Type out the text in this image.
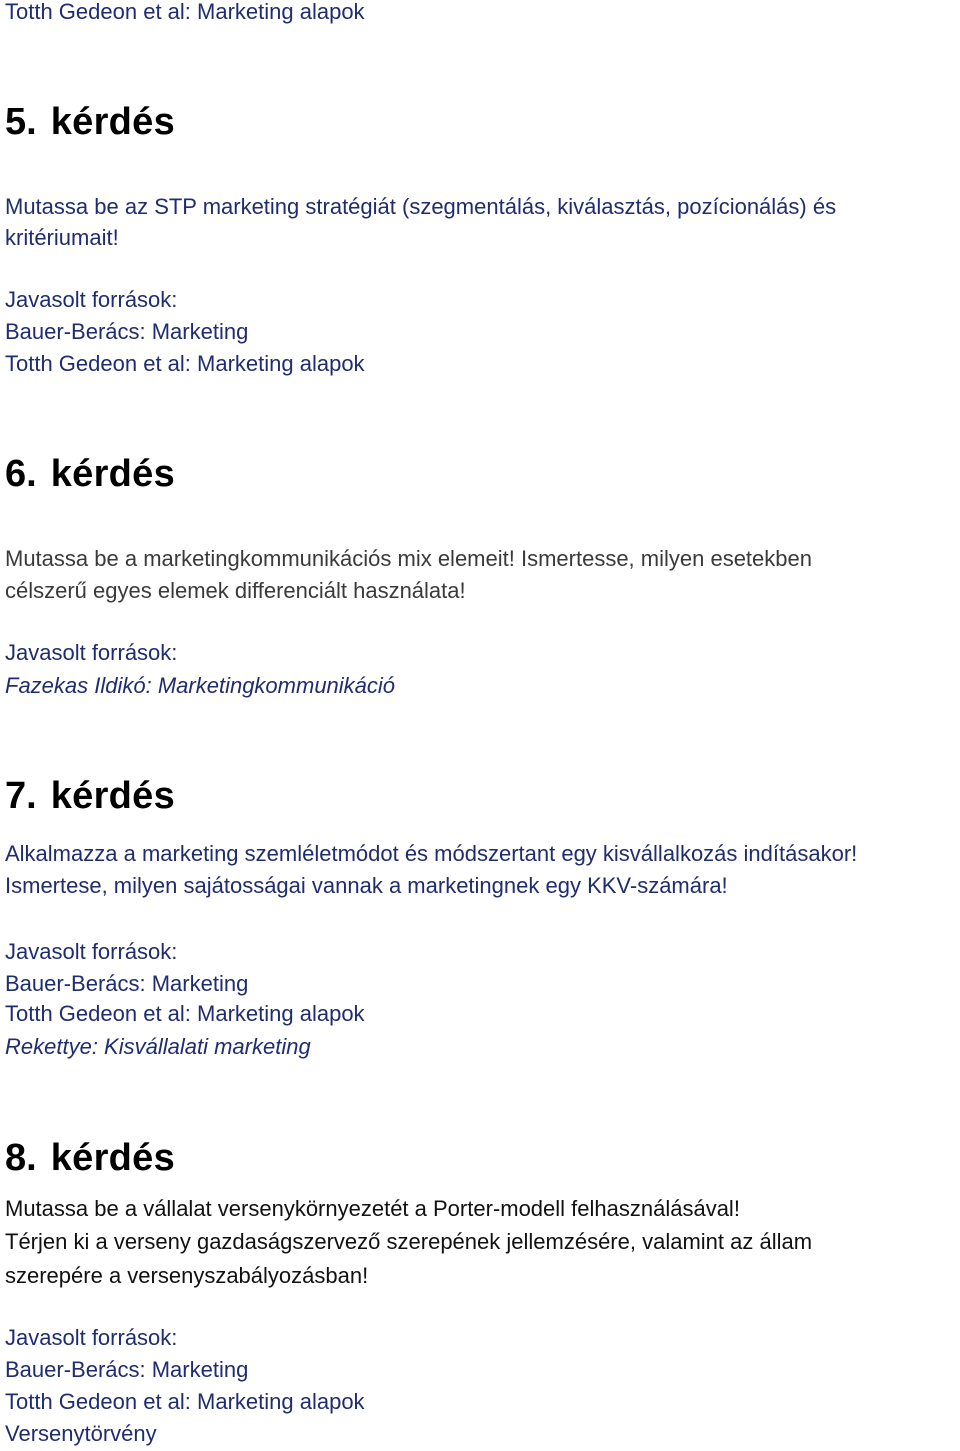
Totth Gedeon et al: Marketing alapok

5. kérdés

Mutassa be az STP marketing stratégiát (szegmentálás, kiválasztás, pozícionálás) és

kritériumait!

Javasolt források:

Bauer-Berács: Marketing

Totth Gedeon et al: Marketing alapok

6. kérdés

Mutassa be a marketingkommunikációs mix elemeit! Ismertesse, milyen esetekben

célszerű egyes elemek differenciált használata!

Javasolt források:

Fazekas Ildikó: Marketingkommunikáció

7. kérdés

Alkalmazza a marketing szemléletmódot és módszertant egy kisvállalkozás indításakor!

Ismertese, milyen sajátosságai vannak a marketingnek egy KKV-számára!

Javasolt források:

Bauer-Berács: Marketing

Totth Gedeon et al: Marketing alapok

Rekettye: Kisvállalati marketing

8. kérdés

Mutassa be a vállalat versenykörnyezetét a Porter-modell felhasználásával!

Térjen ki a verseny gazdaságszervező szerepének jellemzésére, valamint az állam

szerepére a versenyszabályozásban!

Javasolt források:

Bauer-Berács: Marketing

Totth Gedeon et al: Marketing alapok

Versenytörvény
